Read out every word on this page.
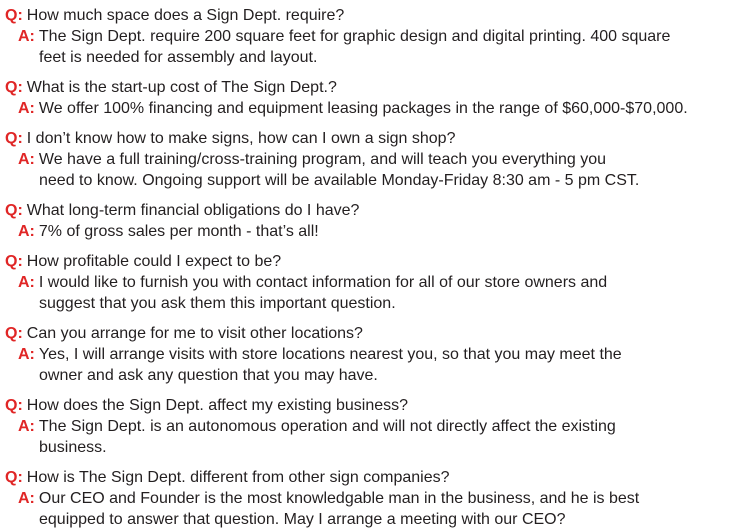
Q: How much space does a Sign Dept. require?
A: The Sign Dept. require 200 square feet for graphic design and digital printing. 400 square
feet is needed for assembly and layout.
Q: What is the start-up cost of The Sign Dept.?
A: We offer 100% financing and equipment leasing packages in the range of $60,000-$70,000.
Q: I don’t know how to make signs, how can I own a sign shop?
A: We have a full training/cross-training program, and will teach you everything you
need to know. Ongoing support will be available Monday-Friday 8:30 am - 5 pm CST.
Q: What long-term financial obligations do I have?
A: 7% of gross sales per month - that’s all!
Q: How profitable could I expect to be?
A: I would like to furnish you with contact information for all of our store owners and
suggest that you ask them this important question.
Q: Can you arrange for me to visit other locations?
A: Yes, I will arrange visits with store locations nearest you, so that you may meet the
owner and ask any question that you may have.
Q: How does the Sign Dept. affect my existing business?
A: The Sign Dept. is an autonomous operation and will not directly affect the existing
business.
Q: How is The Sign Dept. different from other sign companies?
A: Our CEO and Founder is the most knowledgable man in the business, and he is best
equipped to answer that question. May I arrange a meeting with our CEO?
